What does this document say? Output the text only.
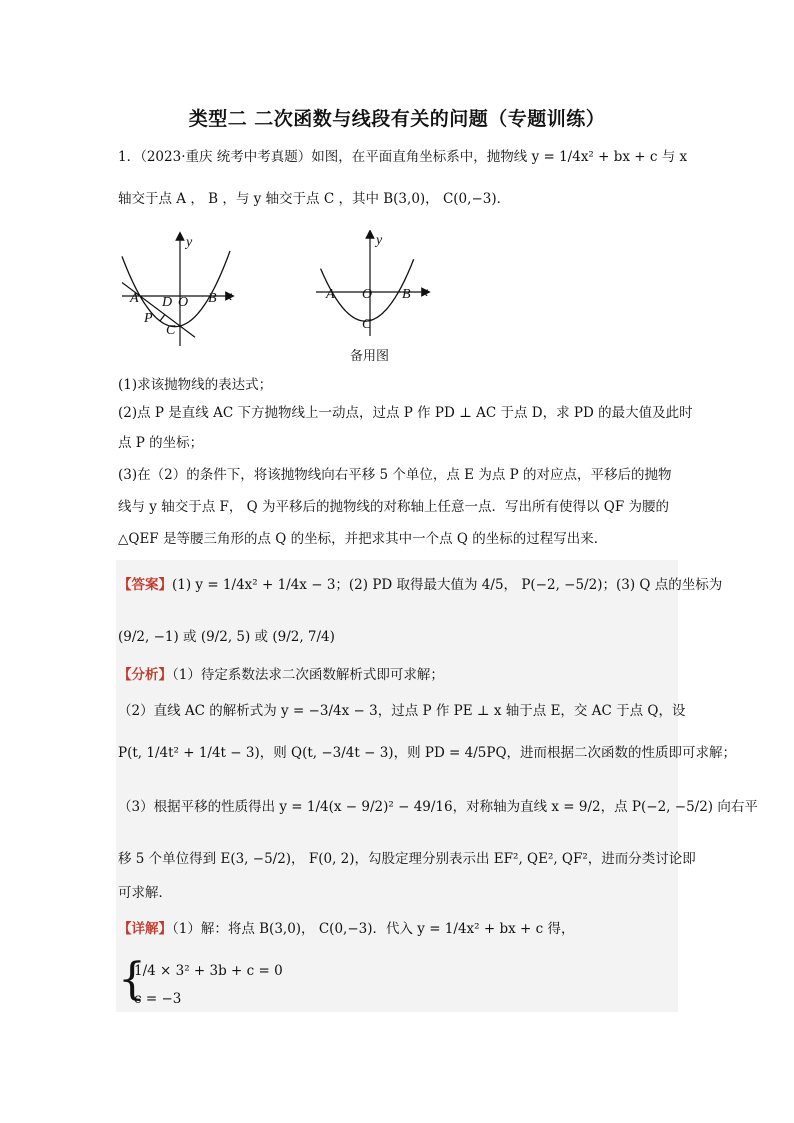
类型二 二次函数与线段有关的问题（专题训练）
1．（2023·重庆 统考中考真题）如图，在平面直角坐标系中，抛物线 y = 1/4x² + bx + c 与 x
轴交于点 A ， B ，与 y 轴交于点 C ，其中 B(3,0)， C(0,−3)．
y
x
A	O B
D
P
C
y
x
A O B
C
备用图
(1)求该抛物线的表达式；
(2)点 P 是直线 AC 下方抛物线上一动点，过点 P 作 PD ⊥ AC 于点 D，求 PD 的最大值及此时
点 P 的坐标；
(3)在（2）的条件下，将该抛物线向右平移 5 个单位，点 E 为点 P 的对应点，平移后的抛物
线与 y 轴交于点 F， Q 为平移后的抛物线的对称轴上任意一点．写出所有使得以 QF 为腰的
△QEF 是等腰三角形的点 Q 的坐标，并把求其中一个点 Q 的坐标的过程写出来．
【答案】(1) y = 1/4x² + 1/4x − 3；(2) PD 取得最大值为 4/5， P(−2, −5/2)；(3) Q 点的坐标为
(9/2, −1) 或 (9/2, 5) 或 (9/2, 7/4)
【分析】（1）待定系数法求二次函数解析式即可求解；
（2）直线 AC 的解析式为 y = −3/4x − 3，过点 P 作 PE ⊥ x 轴于点 E，交 AC 于点 Q，设
P(t, 1/4t² + 1/4t − 3)，则 Q(t, −3/4t − 3)，则 PD = 4/5PQ，进而根据二次函数的性质即可求解；
（3）根据平移的性质得出 y = 1/4(x − 9/2)² − 49/16，对称轴为直线 x = 9/2，点 P(−2, −5/2) 向右平
移 5 个单位得到 E(3, −5/2)， F(0, 2)，勾股定理分别表示出 EF², QE², QF²，进而分类讨论即
可求解．
【详解】（1）解：将点 B(3,0)， C(0,−3)．代入 y = 1/4x² + bx + c 得，
{
1/4 × 3² + 3b + c = 0
c = −3
